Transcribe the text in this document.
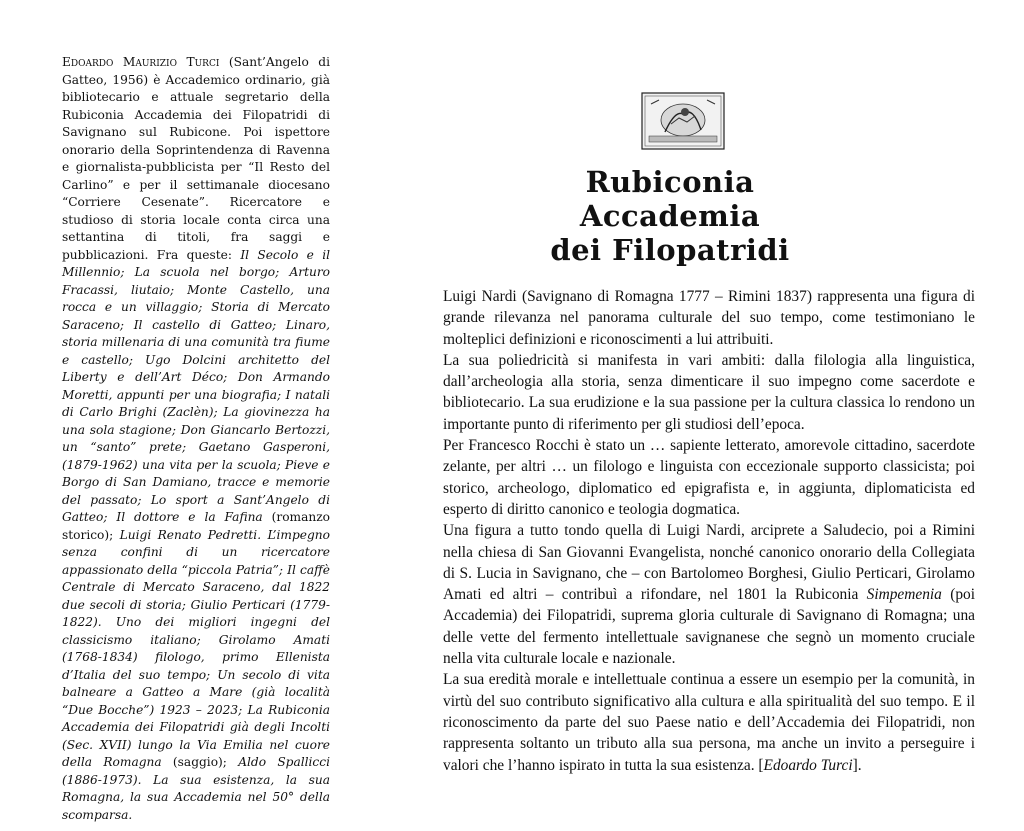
Edoardo Maurizio Turci (Sant’Angelo di Gatteo, 1956) è Accademico ordinario, già bibliotecario e attuale segretario della Rubiconia Accademia dei Filopatridi di Savignano sul Rubicone. Poi ispettore onorario della Soprintendenza di Ravenna e giornalista-pubblicista per “Il Resto del Carlino” e per il settimanale diocesano “Corriere Cesenate”. Ricercatore e studioso di storia locale conta circa una settantina di titoli, fra saggi e pubblicazioni. Fra queste: Il Secolo e il Millennio; La scuola nel borgo; Arturo Fracassi, liutaio; Monte Castello, una rocca e un villaggio; Storia di Mercato Saraceno; Il castello di Gatteo; Linaro, storia millenaria di una comunità tra fiume e castello; Ugo Dolcini architetto del Liberty e dell’Art Déco; Don Armando Moretti, appunti per una biografia; I natali di Carlo Brighi (Zaclèn); La giovinezza ha una sola stagione; Don Giancarlo Bertozzi, un “santo” prete; Gaetano Gasperoni, (1879-1962) una vita per la scuola; Pieve e Borgo di San Damiano, tracce e memorie del passato; Lo sport a Sant’Angelo di Gatteo; Il dottore e la Fafina (romanzo storico); Luigi Renato Pedretti. L’impegno senza confini di un ricercatore appassionato della “piccola Patria”; Il caffè Centrale di Mercato Saraceno, dal 1822 due secoli di storia; Giulio Perticari (1779-1822). Uno dei migliori ingegni del classicismo italiano; Girolamo Amati (1768-1834) filologo, primo Ellenista d’Italia del suo tempo; Un secolo di vita balneare a Gatteo a Mare (già località “Due Bocche”) 1923 – 2023; La Rubiconia Accademia dei Filopatridi già degli Incolti (Sec. XVII) lungo la Via Emilia nel cuore della Romagna (saggio); Aldo Spallicci (1886-1973). La sua esistenza, la sua Romagna, la sua Accademia nel 50° della scomparsa.

Rubiconia Accademia
dei Filopatridi

Luigi Nardi (Savignano di Romagna 1777 – Rimini 1837) rappresenta una figura di grande rilevanza nel panorama culturale del suo tempo, come testimoniano le molteplici definizioni e riconoscimenti a lui attribuiti.

La sua poliedricità si manifesta in vari ambiti: dalla filologia alla linguistica, dall’archeologia alla storia, senza dimenticare il suo impegno come sacerdote e bibliotecario. La sua erudizione e la sua passione per la cultura classica lo rendono un importante punto di riferimento per gli studiosi dell’epoca.

Per Francesco Rocchi è stato un … sapiente letterato, amorevole cittadino, sacerdote zelante, per altri … un filologo e linguista con eccezionale supporto classicista; poi storico, archeologo, diplomatico ed epigrafista e, in aggiunta, diplomaticista ed esperto di diritto canonico e teologia dogmatica.

Una figura a tutto tondo quella di Luigi Nardi, arciprete a Saludecio, poi a Rimini nella chiesa di San Giovanni Evangelista, nonché canonico onorario della Collegiata di S. Lucia in Savignano, che – con Bartolomeo Borghesi, Giulio Perticari, Girolamo Amati ed altri – contribuì a rifondare, nel 1801 la Rubiconia Simpemenia (poi Accademia) dei Filopatridi, suprema gloria culturale di Savignano di Romagna; una delle vette del fermento intellettuale savignanese che segnò un momento cruciale nella vita culturale locale e nazionale.

La sua eredità morale e intellettuale continua a essere un esempio per la comunità, in virtù del suo contributo significativo alla cultura e alla spiritualità del suo tempo. E il riconoscimento da parte del suo Paese natio e dell’Accademia dei Filopatridi, non rappresenta soltanto un tributo alla sua persona, ma anche un invito a perseguire i valori che l’hanno ispirato in tutta la sua esistenza. [Edoardo Turci].
